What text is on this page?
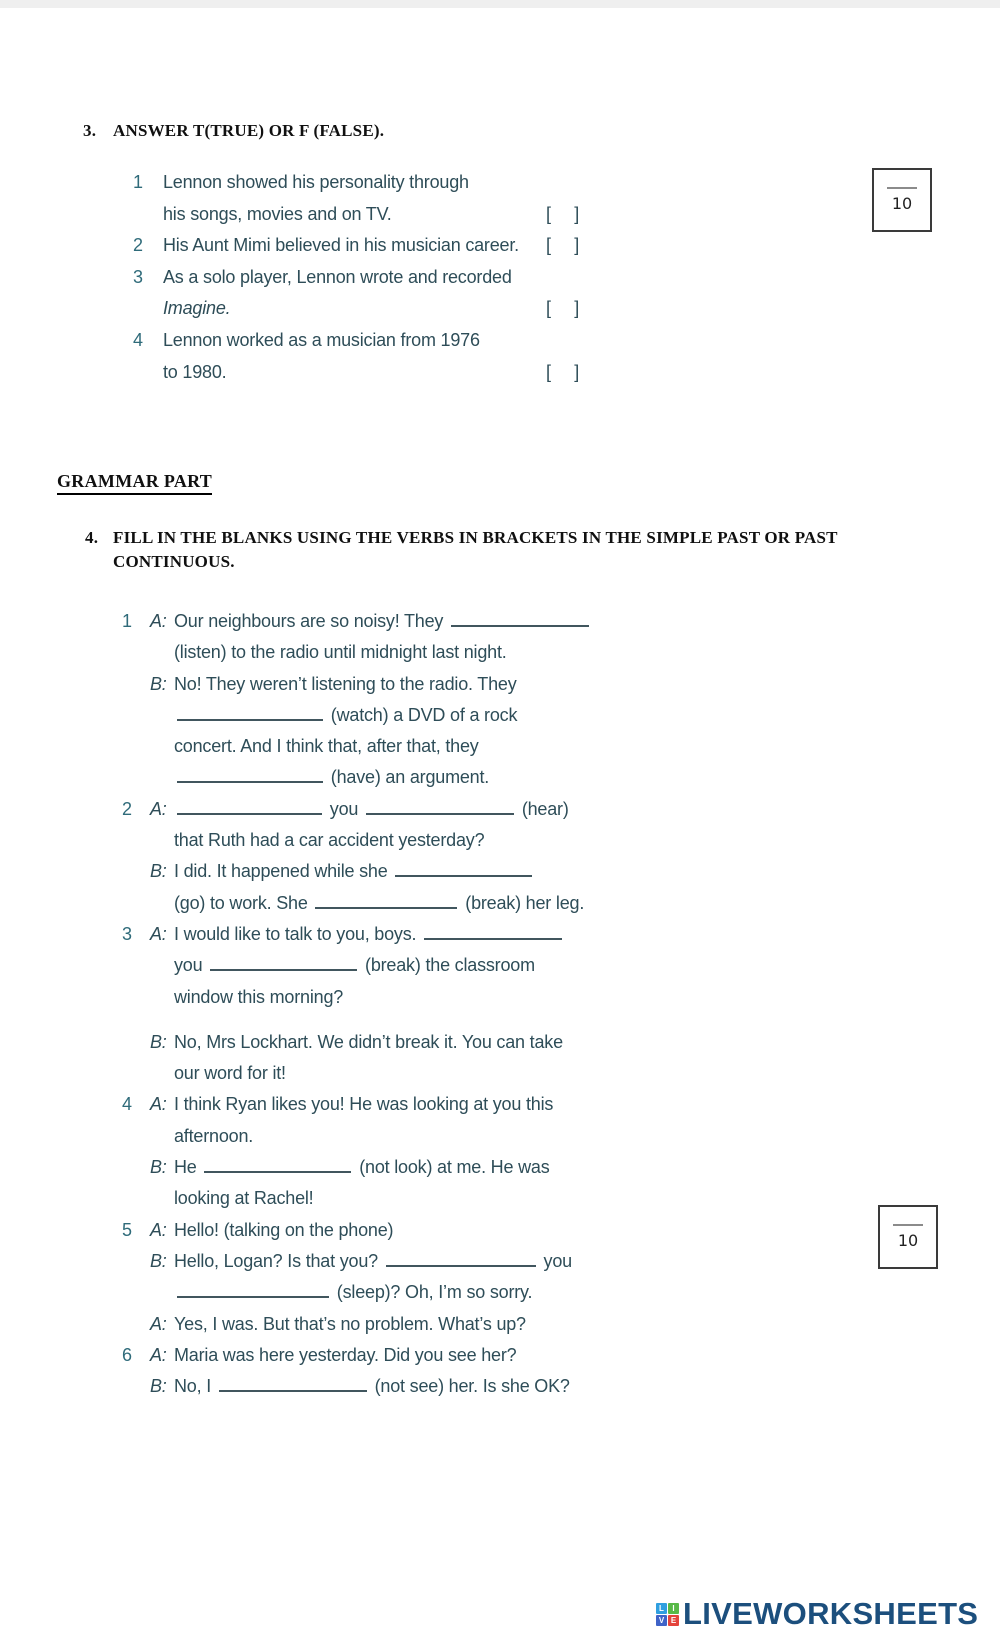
3. ANSWER T(TRUE) OR F (FALSE).
1	Lennon showed his personality through
his songs, movies and on TV.	[ ]
2	His Aunt Mimi believed in his musician career.	[ ]
3	As a solo player, Lennon wrote and recorded
Imagine.	[ ]
4	Lennon worked as a musician from 1976
to 1980.	[ ]
10
GRAMMAR PART
4. FILL IN THE BLANKS USING THE VERBS IN BRACKETS IN THE SIMPLE PAST OR PAST CONTINUOUS.
1	A: Our neighbours are so noisy! They
(listen) to the radio until midnight last night.
B: No! They weren’t listening to the radio. They
(watch) a DVD of a rock
concert. And I think that, after that, they
(have) an argument.
2	A:	you	(hear)
that Ruth had a car accident yesterday?
B: I did. It happened while she
(go) to work. She	(break) her leg.
3	A: I would like to talk to you, boys.
you	(break) the classroom
window this morning?
B: No, Mrs Lockhart. We didn’t break it. You can take
our word for it!
4	A: I think Ryan likes you! He was looking at you this
afternoon.
B: He	(not look) at me. He was
looking at Rachel!
5	A: Hello! (talking on the phone)
B: Hello, Logan? Is that you?	you
(sleep)? Oh, I’m so sorry.
A: Yes, I was. But that’s no problem. What’s up?
6	A: Maria was here yesterday. Did you see her?
B: No, I	(not see) her. Is she OK?
10
L	I
V E LIVEWORKSHEETS
